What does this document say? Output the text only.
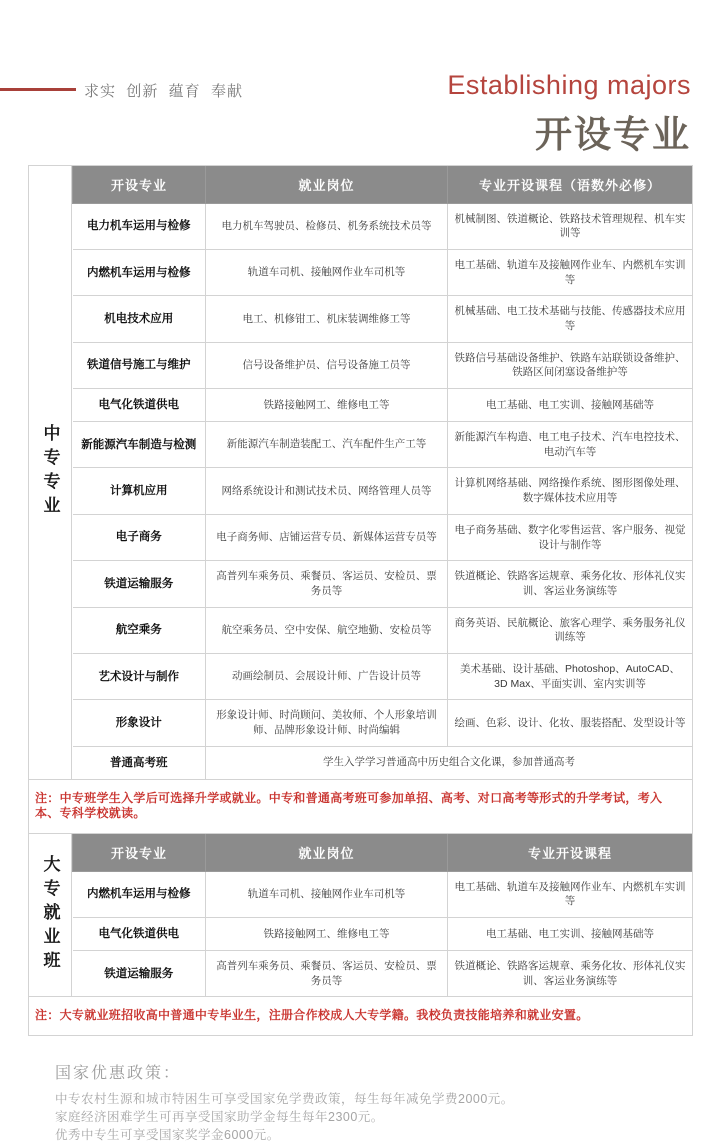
求实  创新  蕴育  奉献	Establishing majors
开设专业
中专专业
开设专业	就业岗位	专业开设课程（语数外必修）
电力机车运用与检修	电力机车驾驶员、检修员、机务系统技术员等	机械制图、铁道概论、铁路技术管理规程、机车实训等
内燃机车运用与检修	轨道车司机、接触网作业车司机等	电工基础、轨道车及接触网作业车、内燃机车实训等
机电技术应用	电工、机修钳工、机床装调维修工等	机械基础、电工技术基础与技能、传感器技术应用等
铁道信号施工与维护	信号设备维护员、信号设备施工员等	铁路信号基础设备维护、铁路车站联锁设备维护、铁路区间闭塞设备维护等
电气化铁道供电	铁路接触网工、维修电工等	电工基础、电工实训、接触网基础等
新能源汽车制造与检测	新能源汽车制造装配工、汽车配件生产工等	新能源汽车构造、电工电子技术、汽车电控技术、电动汽车等
计算机应用	网络系统设计和测试技术员、网络管理人员等	计算机网络基础、网络操作系统、图形图像处理、数字媒体技术应用等
电子商务	电子商务师、店铺运营专员、新媒体运营专员等	电子商务基础、数字化零售运营、客户服务、视觉设计与制作等
铁道运输服务	高普列车乘务员、乘餐员、客运员、安检员、票务员等	铁道概论、铁路客运规章、乘务化妆、形体礼仪实训、客运业务演练等
航空乘务	航空乘务员、空中安保、航空地勤、安检员等	商务英语、民航概论、旅客心理学、乘务服务礼仪训练等
艺术设计与制作	动画绘制员、会展设计师、广告设计员等	美术基础、设计基础、Photoshop、AutoCAD、3D Max、平面实训、室内实训等
形象设计	形象设计师、时尚顾问、美妆师、个人形象培训师、品牌形象设计师、时尚编辑	绘画、色彩、设计、化妆、服装搭配、发型设计等
普通高考班	学生入学学习普通高中历史组合文化课，参加普通高考	
注：中专班学生入学后可选择升学或就业。中专和普通高考班可参加单招、高考、对口高考等形式的升学考试，考入本、专科学校就读。
大专就业班
开设专业	就业岗位	专业开设课程
内燃机车运用与检修	轨道车司机、接触网作业车司机等	电工基础、轨道车及接触网作业车、内燃机车实训等
电气化铁道供电	铁路接触网工、维修电工等	电工基础、电工实训、接触网基础等
铁道运输服务	高普列车乘务员、乘餐员、客运员、安检员、票务员等	铁道概论、铁路客运规章、乘务化妆、形体礼仪实训、客运业务演练等
注：大专就业班招收高中普通中专毕业生，注册合作校成人大专学籍。我校负责技能培养和就业安置。
国家优惠政策：
中专农村生源和城市特困生可享受国家免学费政策，每生每年减免学费2000元。
家庭经济困难学生可再享受国家助学金每生每年2300元。
优秀中专生可享受国家奖学金6000元。
